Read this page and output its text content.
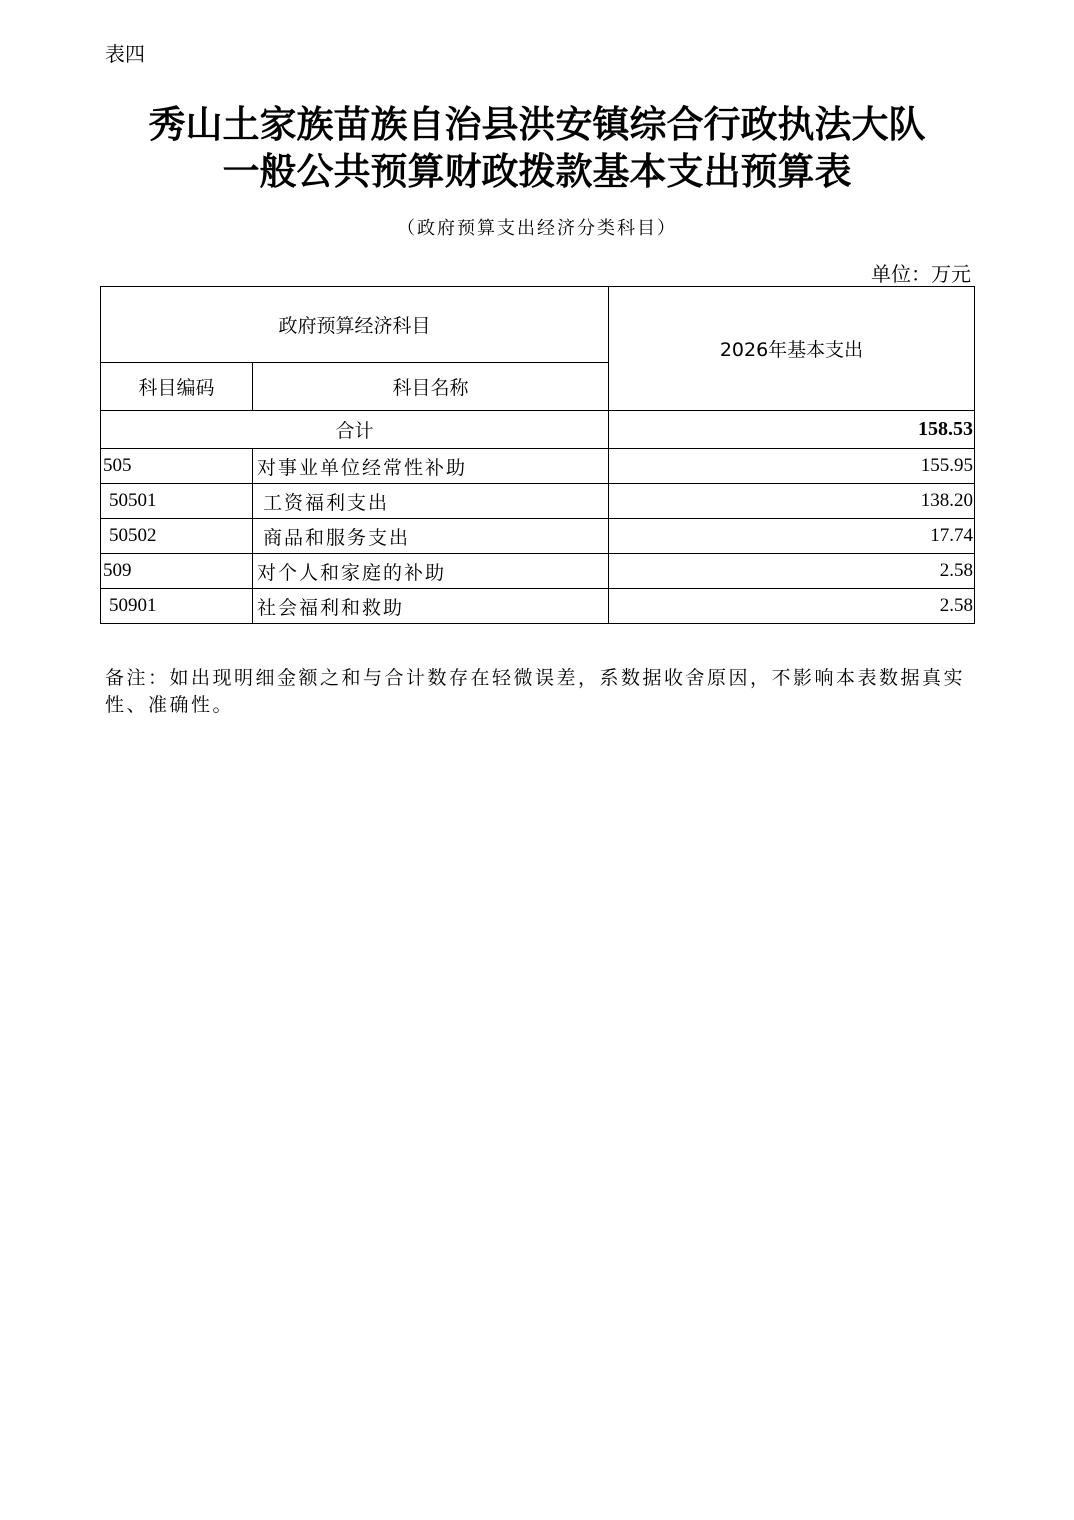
表四
秀山土家族苗族自治县洪安镇综合行政执法大队
一般公共预算财政拨款基本支出预算表
（政府预算支出经济分类科目）
单位：万元
政府预算经济科目		2026年基本支出
科目编码	科目名称	
合计		158.53
505	对事业单位经常性补助	155.95
50501	工资福利支出	138.20
50502	商品和服务支出	17.74
509	对个人和家庭的补助	2.58
50901	社会福利和救助	2.58
备注：如出现明细金额之和与合计数存在轻微误差，系数据收舍原因，不影响本表数据真实性、准确性。
